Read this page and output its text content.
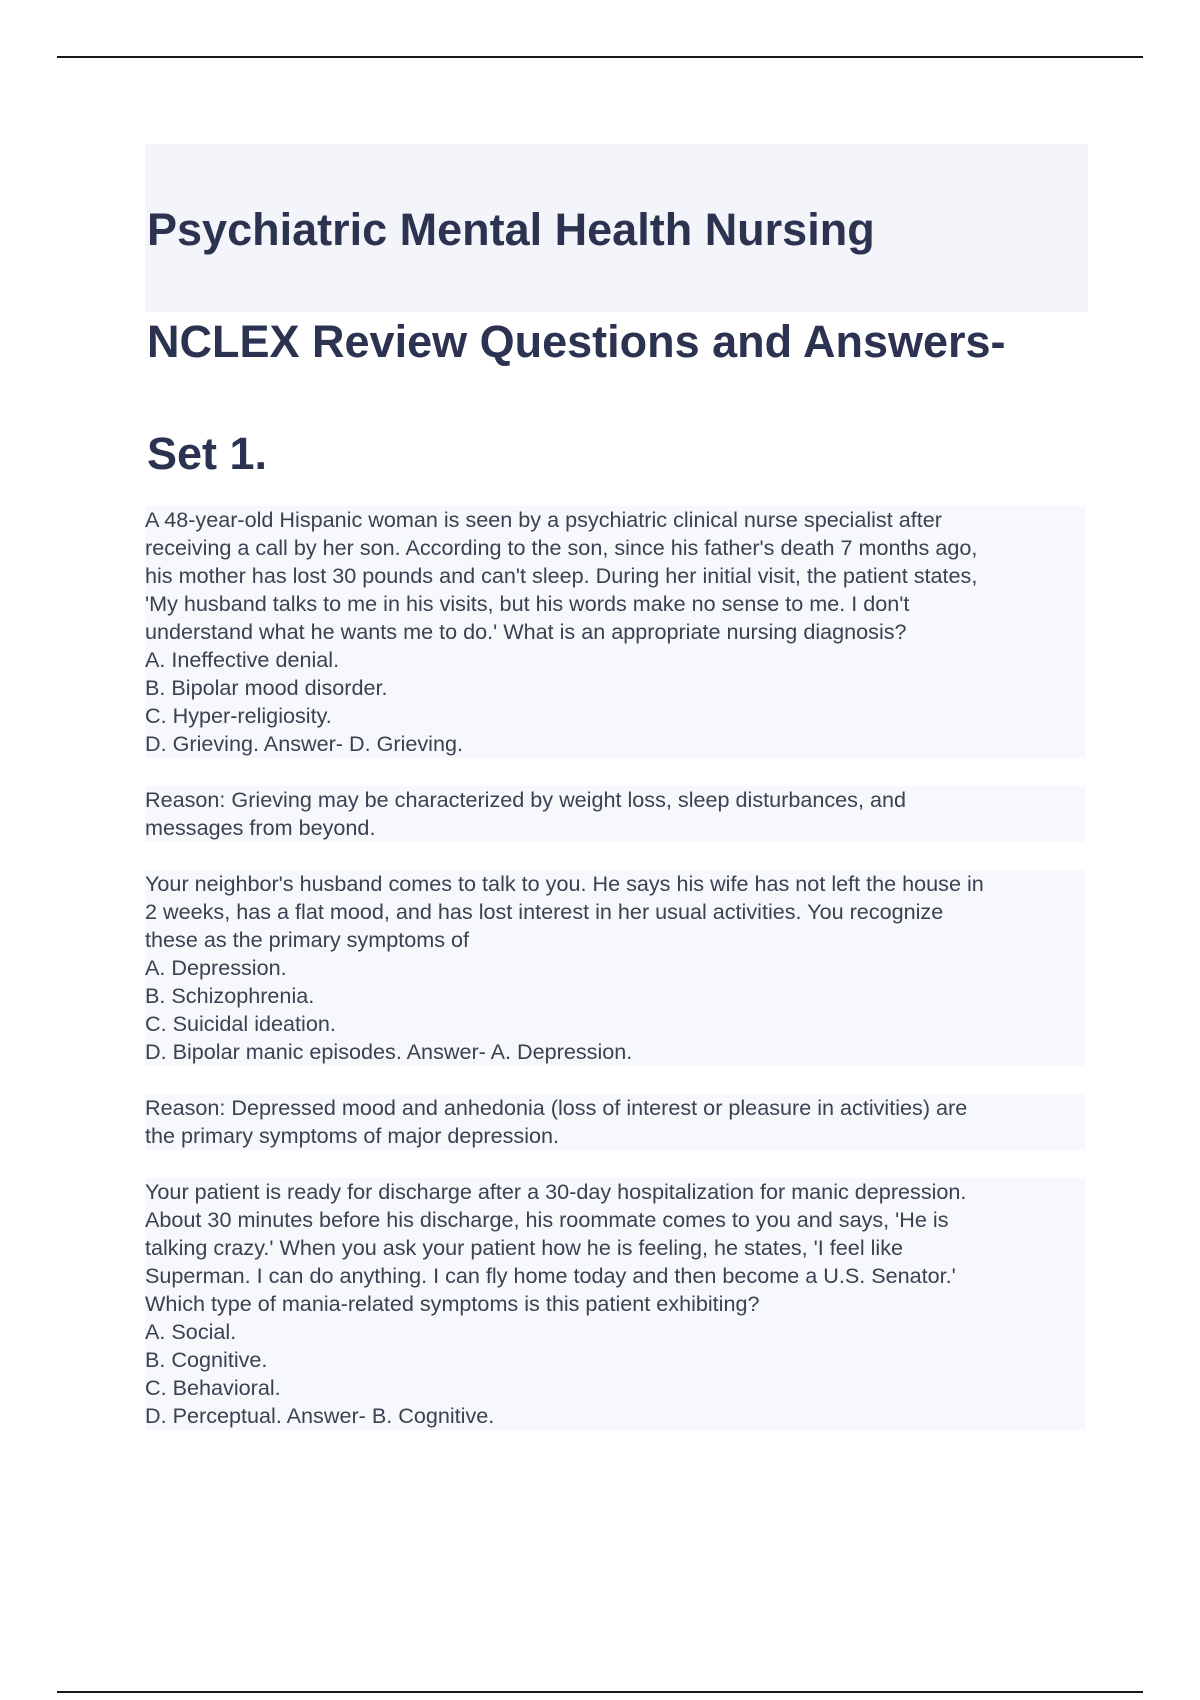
Psychiatric Mental Health Nursing

NCLEX Review Questions and Answers-

Set 1.

A 48-year-old Hispanic woman is seen by a psychiatric clinical nurse specialist after
receiving a call by her son. According to the son, since his father's death 7 months ago,
his mother has lost 30 pounds and can't sleep. During her initial visit, the patient states,
'My husband talks to me in his visits, but his words make no sense to me. I don't
understand what he wants me to do.' What is an appropriate nursing diagnosis?
A. Ineffective denial.
B. Bipolar mood disorder.
C. Hyper-religiosity.
D. Grieving. Answer- D. Grieving.
Reason: Grieving may be characterized by weight loss, sleep disturbances, and
messages from beyond.
Your neighbor's husband comes to talk to you. He says his wife has not left the house in
2 weeks, has a flat mood, and has lost interest in her usual activities. You recognize
these as the primary symptoms of
A. Depression.
B. Schizophrenia.
C. Suicidal ideation.
D. Bipolar manic episodes. Answer- A. Depression.
Reason: Depressed mood and anhedonia (loss of interest or pleasure in activities) are
the primary symptoms of major depression.
Your patient is ready for discharge after a 30-day hospitalization for manic depression.
About 30 minutes before his discharge, his roommate comes to you and says, 'He is
talking crazy.' When you ask your patient how he is feeling, he states, 'I feel like
Superman. I can do anything. I can fly home today and then become a U.S. Senator.'
Which type of mania-related symptoms is this patient exhibiting?
A. Social.
B. Cognitive.
C. Behavioral.
D. Perceptual. Answer- B. Cognitive.
